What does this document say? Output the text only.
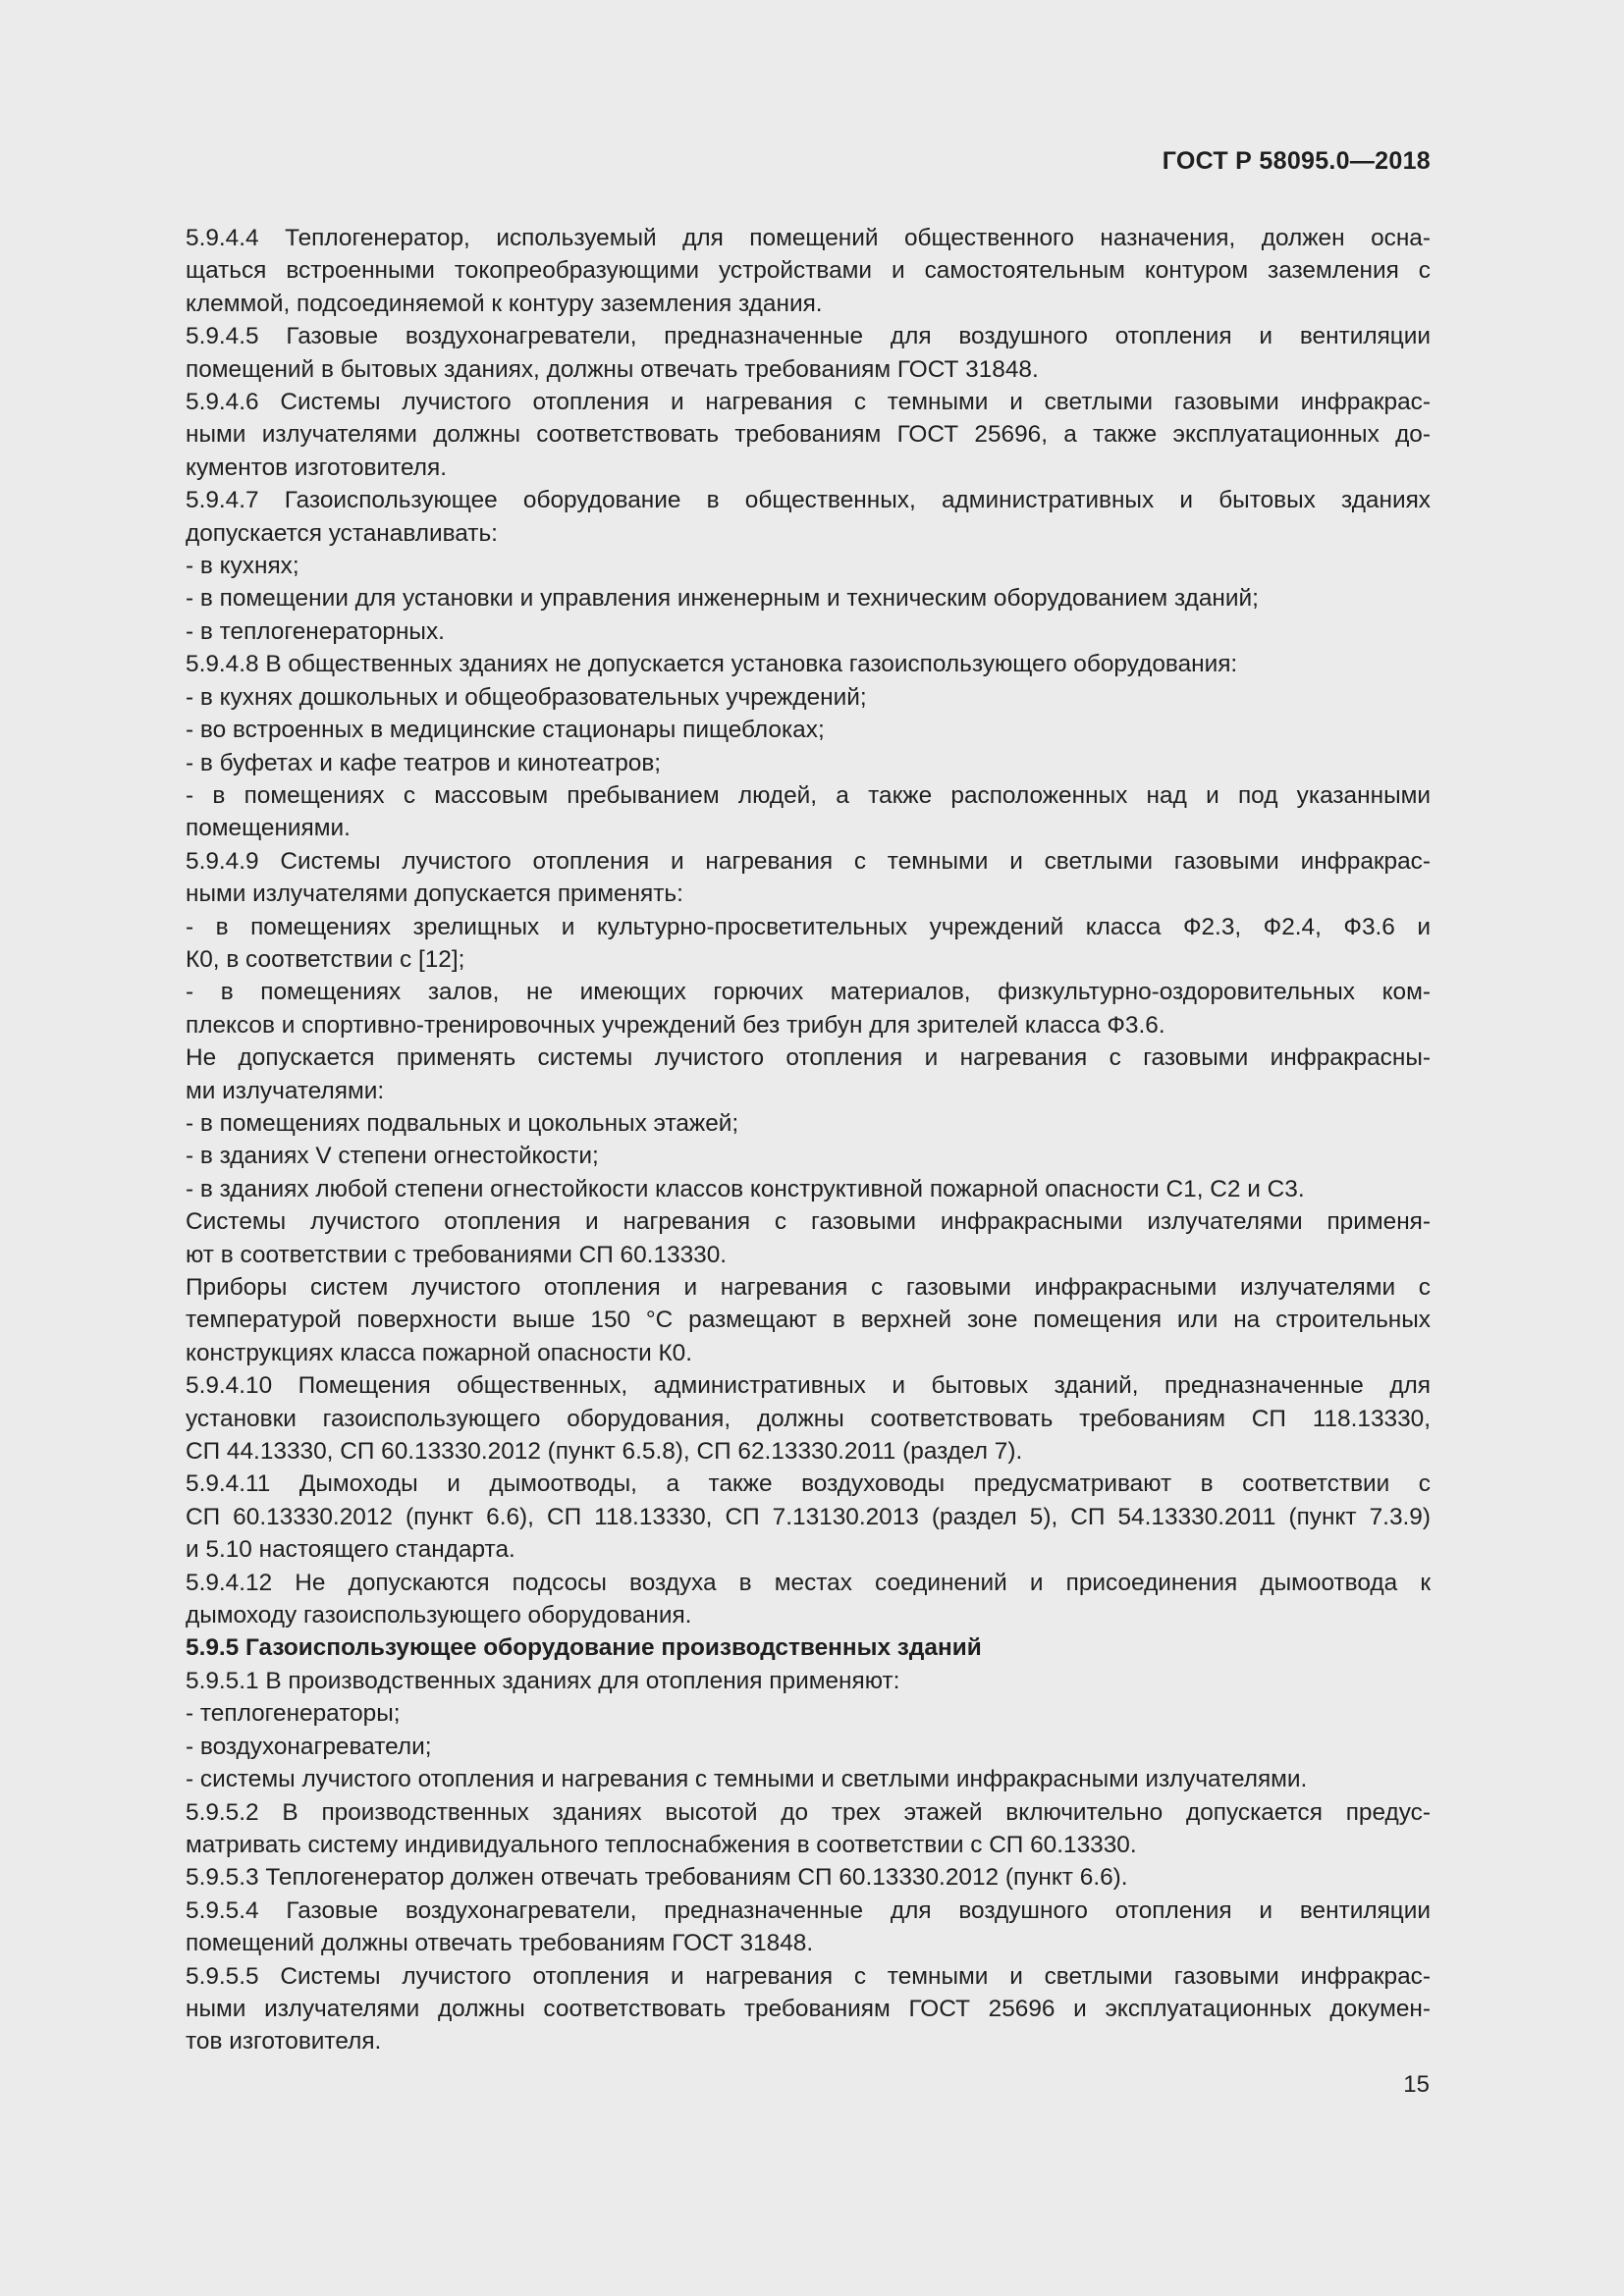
ГОСТ Р 58095.0—2018

5.9.4.4 Теплогенератор, используемый для помещений общественного назначения, должен осна-
щаться встроенными токопреобразующими устройствами и самостоятельным контуром заземления с
клеммой, подсоединяемой к контуру заземления здания.

5.9.4.5 Газовые воздухонагреватели, предназначенные для воздушного отопления и вентиляции
помещений в бытовых зданиях, должны отвечать требованиям ГОСТ 31848.

5.9.4.6 Системы лучистого отопления и нагревания с темными и светлыми газовыми инфракрас-
ными излучателями должны соответствовать требованиям ГОСТ 25696, а также эксплуатационных до-
кументов изготовителя.

5.9.4.7 Газоиспользующее оборудование в общественных, административных и бытовых зданиях
допускается устанавливать:

- в кухнях;

- в помещении для установки и управления инженерным и техническим оборудованием зданий;

- в теплогенераторных.

5.9.4.8 В общественных зданиях не допускается установка газоиспользующего оборудования:

- в кухнях дошкольных и общеобразовательных учреждений;

- во встроенных в медицинские стационары пищеблоках;

- в буфетах и кафе театров и кинотеатров;

- в помещениях с массовым пребыванием людей, а также расположенных над и под указанными
помещениями.

5.9.4.9 Системы лучистого отопления и нагревания с темными и светлыми газовыми инфракрас-
ными излучателями допускается применять:

- в помещениях зрелищных и культурно-просветительных учреждений класса Ф2.3, Ф2.4, Ф3.6 и
К0, в соответствии с [12];

- в помещениях залов, не имеющих горючих материалов, физкультурно-оздоровительных ком-
плексов и спортивно-тренировочных учреждений без трибун для зрителей класса Ф3.6.

Не допускается применять системы лучистого отопления и нагревания с газовыми инфракрасны-
ми излучателями:

- в помещениях подвальных и цокольных этажей;

- в зданиях V степени огнестойкости;

- в зданиях любой степени огнестойкости классов конструктивной пожарной опасности С1, С2 и С3.

Системы лучистого отопления и нагревания с газовыми инфракрасными излучателями применя-
ют в соответствии с требованиями СП 60.13330.

Приборы систем лучистого отопления и нагревания с газовыми инфракрасными излучателями с
температурой поверхности выше 150 °С размещают в верхней зоне помещения или на строительных
конструкциях класса пожарной опасности К0.

5.9.4.10 Помещения общественных, административных и бытовых зданий, предназначенные для
установки газоиспользующего оборудования, должны соответствовать требованиям СП 118.13330,
СП 44.13330, СП 60.13330.2012 (пункт 6.5.8), СП 62.13330.2011 (раздел 7).

5.9.4.11 Дымоходы и дымоотводы, а также воздуховоды предусматривают в соответствии с
СП 60.13330.2012 (пункт 6.6), СП 118.13330, СП 7.13130.2013 (раздел 5), СП 54.13330.2011 (пункт 7.3.9)
и 5.10 настоящего стандарта.

5.9.4.12 Не допускаются подсосы воздуха в местах соединений и присоединения дымоотвода к
дымоходу газоиспользующего оборудования.

5.9.5 Газоиспользующее оборудование производственных зданий

5.9.5.1 В производственных зданиях для отопления применяют:

- теплогенераторы;

- воздухонагреватели;

- системы лучистого отопления и нагревания с темными и светлыми инфракрасными излучателями.

5.9.5.2 В производственных зданиях высотой до трех этажей включительно допускается предус-
матривать систему индивидуального теплоснабжения в соответствии с СП 60.13330.

5.9.5.3 Теплогенератор должен отвечать требованиям СП 60.13330.2012 (пункт 6.6).

5.9.5.4 Газовые воздухонагреватели, предназначенные для воздушного отопления и вентиляции
помещений должны отвечать требованиям ГОСТ 31848.

5.9.5.5 Системы лучистого отопления и нагревания с темными и светлыми газовыми инфракрас-
ными излучателями должны соответствовать требованиям ГОСТ 25696 и эксплуатационных докумен-
тов изготовителя.

15
